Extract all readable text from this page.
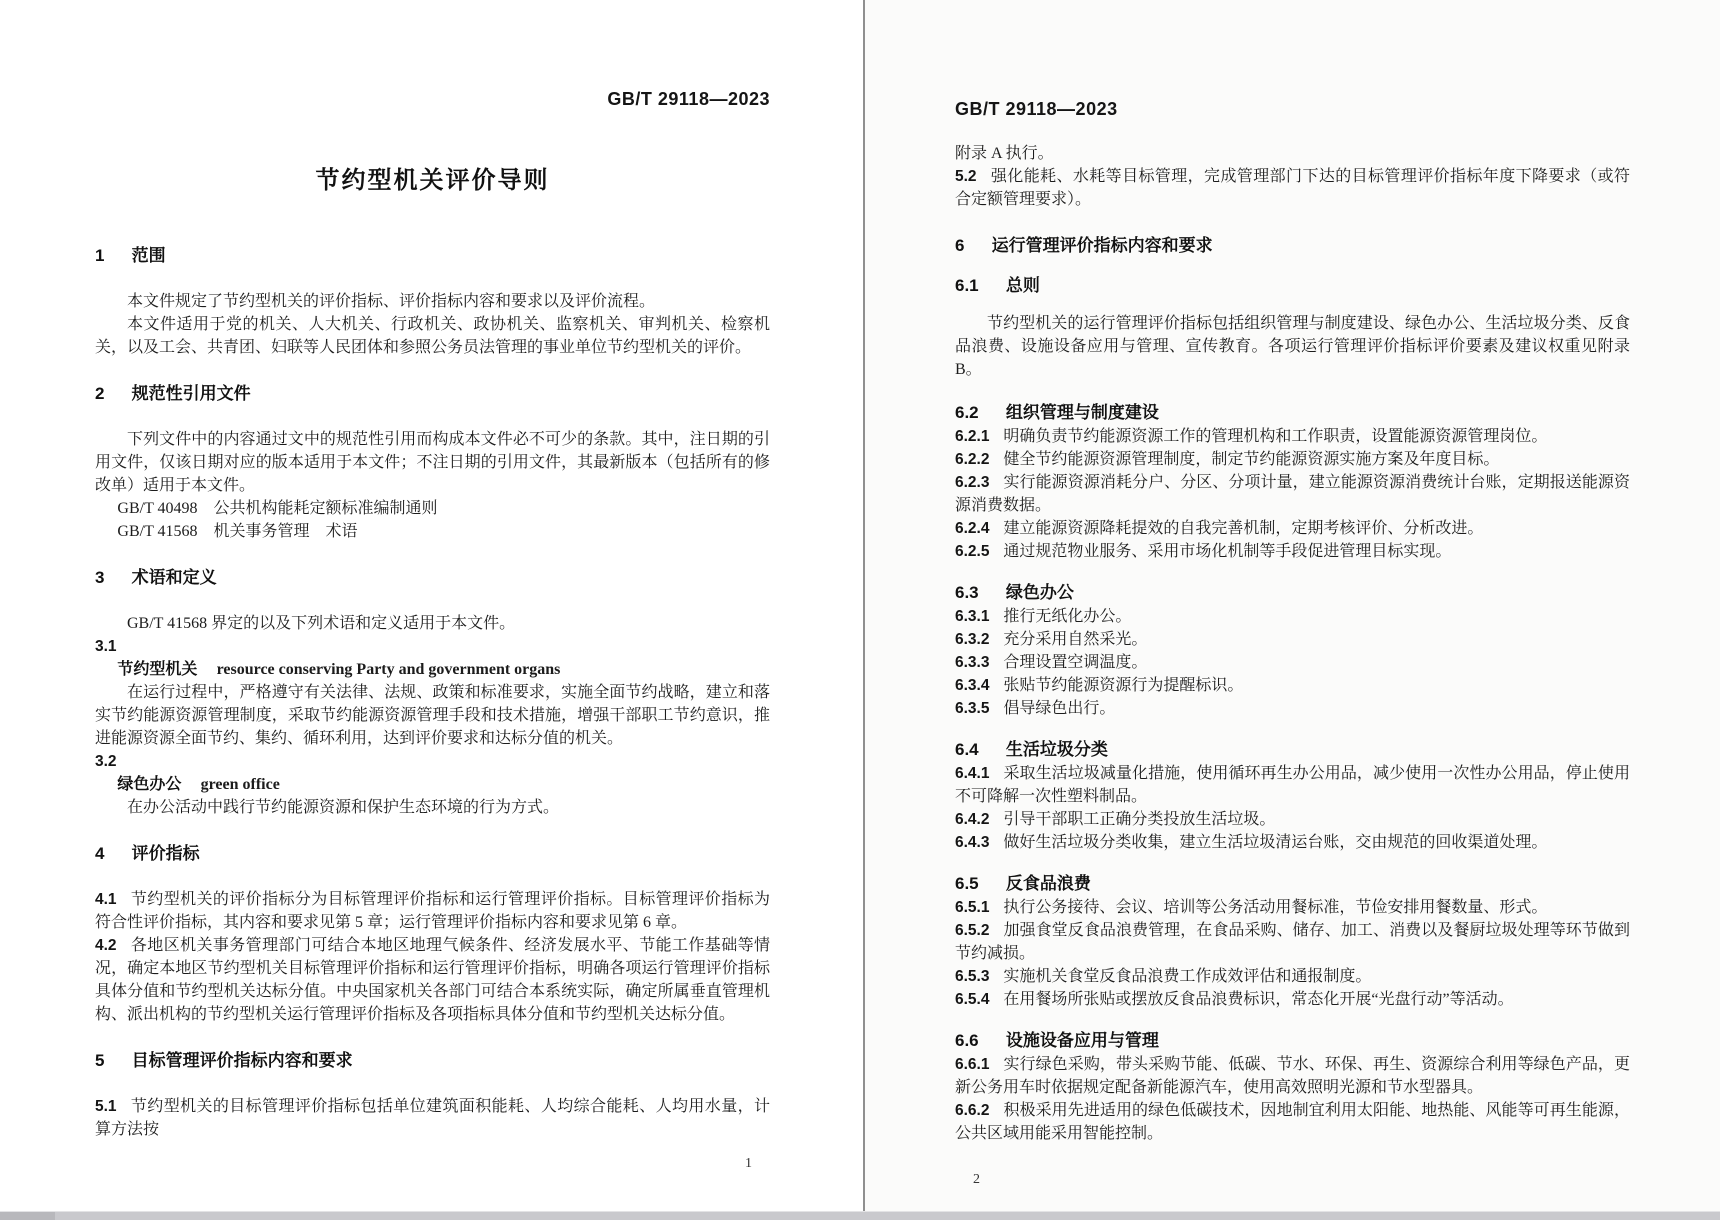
GB/T 29118—2023

节约型机关评价导则

1 范围

本文件规定了节约型机关的评价指标、评价指标内容和要求以及评价流程。

本文件适用于党的机关、人大机关、行政机关、政协机关、监察机关、审判机关、检察机关，以及工会、共青团、妇联等人民团体和参照公务员法管理的事业单位节约型机关的评价。

2 规范性引用文件

下列文件中的内容通过文中的规范性引用而构成本文件必不可少的条款。其中，注日期的引用文件，仅该日期对应的版本适用于本文件；不注日期的引用文件，其最新版本（包括所有的修改单）适用于本文件。

GB/T 40498　公共机构能耗定额标准编制通则

GB/T 41568　机关事务管理　术语

3 术语和定义

GB/T 41568 界定的以及下列术语和定义适用于本文件。

3.1

节约型机关 resource conserving Party and government organs

在运行过程中，严格遵守有关法律、法规、政策和标准要求，实施全面节约战略，建立和落实节约能源资源管理制度，采取节约能源资源管理手段和技术措施，增强干部职工节约意识，推进能源资源全面节约、集约、循环利用，达到评价要求和达标分值的机关。

3.2

绿色办公 green office

在办公活动中践行节约能源资源和保护生态环境的行为方式。

4 评价指标

4.1 节约型机关的评价指标分为目标管理评价指标和运行管理评价指标。目标管理评价指标为符合性评价指标，其内容和要求见第 5 章；运行管理评价指标内容和要求见第 6 章。

4.2 各地区机关事务管理部门可结合本地区地理气候条件、经济发展水平、节能工作基础等情况，确定本地区节约型机关目标管理评价指标和运行管理评价指标，明确各项运行管理评价指标具体分值和节约型机关达标分值。中央国家机关各部门可结合本系统实际，确定所属垂直管理机构、派出机构的节约型机关运行管理评价指标及各项指标具体分值和节约型机关达标分值。

5 目标管理评价指标内容和要求

5.1 节约型机关的目标管理评价指标包括单位建筑面积能耗、人均综合能耗、人均用水量，计算方法按

1

GB/T 29118—2023

附录 A 执行。

5.2 强化能耗、水耗等目标管理，完成管理部门下达的目标管理评价指标年度下降要求（或符合定额管理要求）。

6 运行管理评价指标内容和要求

6.1 总则

节约型机关的运行管理评价指标包括组织管理与制度建设、绿色办公、生活垃圾分类、反食品浪费、设施设备应用与管理、宣传教育。各项运行管理评价指标评价要素及建议权重见附录 B。

6.2 组织管理与制度建设

6.2.1 明确负责节约能源资源工作的管理机构和工作职责，设置能源资源管理岗位。

6.2.2 健全节约能源资源管理制度，制定节约能源资源实施方案及年度目标。

6.2.3 实行能源资源消耗分户、分区、分项计量，建立能源资源消费统计台账，定期报送能源资源消费数据。

6.2.4 建立能源资源降耗提效的自我完善机制，定期考核评价、分析改进。

6.2.5 通过规范物业服务、采用市场化机制等手段促进管理目标实现。

6.3 绿色办公

6.3.1 推行无纸化办公。

6.3.2 充分采用自然采光。

6.3.3 合理设置空调温度。

6.3.4 张贴节约能源资源行为提醒标识。

6.3.5 倡导绿色出行。

6.4 生活垃圾分类

6.4.1 采取生活垃圾减量化措施，使用循环再生办公用品，减少使用一次性办公用品，停止使用不可降解一次性塑料制品。

6.4.2 引导干部职工正确分类投放生活垃圾。

6.4.3 做好生活垃圾分类收集，建立生活垃圾清运台账，交由规范的回收渠道处理。

6.5 反食品浪费

6.5.1 执行公务接待、会议、培训等公务活动用餐标准，节俭安排用餐数量、形式。

6.5.2 加强食堂反食品浪费管理，在食品采购、储存、加工、消费以及餐厨垃圾处理等环节做到节约减损。

6.5.3 实施机关食堂反食品浪费工作成效评估和通报制度。

6.5.4 在用餐场所张贴或摆放反食品浪费标识，常态化开展“光盘行动”等活动。

6.6 设施设备应用与管理

6.6.1 实行绿色采购，带头采购节能、低碳、节水、环保、再生、资源综合利用等绿色产品，更新公务用车时依据规定配备新能源汽车，使用高效照明光源和节水型器具。

6.6.2 积极采用先进适用的绿色低碳技术，因地制宜利用太阳能、地热能、风能等可再生能源，公共区域用能采用智能控制。

2
